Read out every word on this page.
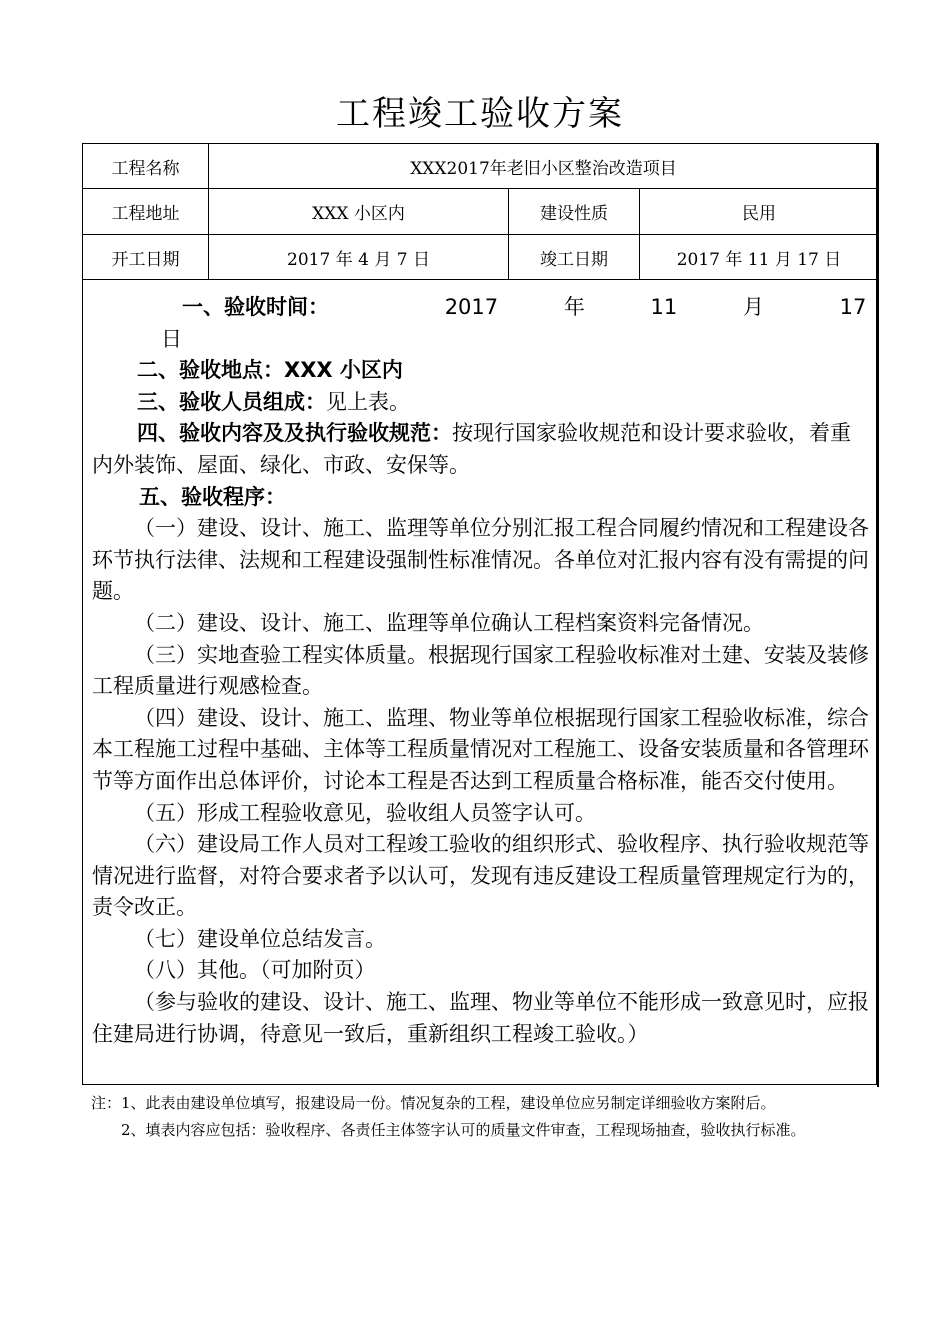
工程竣工验收方案
工程名称	XXX2017年老旧小区整治改造项目
工程地址	XXX 小区内	建设性质	民用
开工日期	2017 年 4 月 7 日	竣工日期	2017 年 11 月 17 日

一、验收时间：	2017	年	11	月	17 日

二、验收地点：XXX 小区内

三、验收人员组成：见上表。

四、验收内容及及执行验收规范：按现行国家验收规范和设计要求验收，着重内外装饰、屋面、绿化、市政、安保等。

五、验收程序：

（一）建设、设计、施工、监理等单位分别汇报工程合同履约情况和工程建设各环节执行法律、法规和工程建设强制性标准情况。各单位对汇报内容有没有需提的问题。

（二）建设、设计、施工、监理等单位确认工程档案资料完备情况。

（三）实地查验工程实体质量。根据现行国家工程验收标准对土建、安装及装修工程质量进行观感检查。

（四）建设、设计、施工、监理、物业等单位根据现行国家工程验收标准，综合本工程施工过程中基础、主体等工程质量情况对工程施工、设备安装质量和各管理环节等方面作出总体评价，讨论本工程是否达到工程质量合格标准，能否交付使用。

（五）形成工程验收意见，验收组人员签字认可。

（六）建设局工作人员对工程竣工验收的组织形式、验收程序、执行验收规范等情况进行监督，对符合要求者予以认可，发现有违反建设工程质量管理规定行为的，责令改正。

（七）建设单位总结发言。

（八）其他。（可加附页）

（参与验收的建设、设计、施工、监理、物业等单位不能形成一致意见时，应报住建局进行协调，待意见一致后，重新组织工程竣工验收。）

注：1、此表由建设单位填写，报建设局一份。情况复杂的工程，建设单位应另制定详细验收方案附后。

2、填表内容应包括：验收程序、各责任主体签字认可的质量文件审查，工程现场抽查，验收执行标准。
